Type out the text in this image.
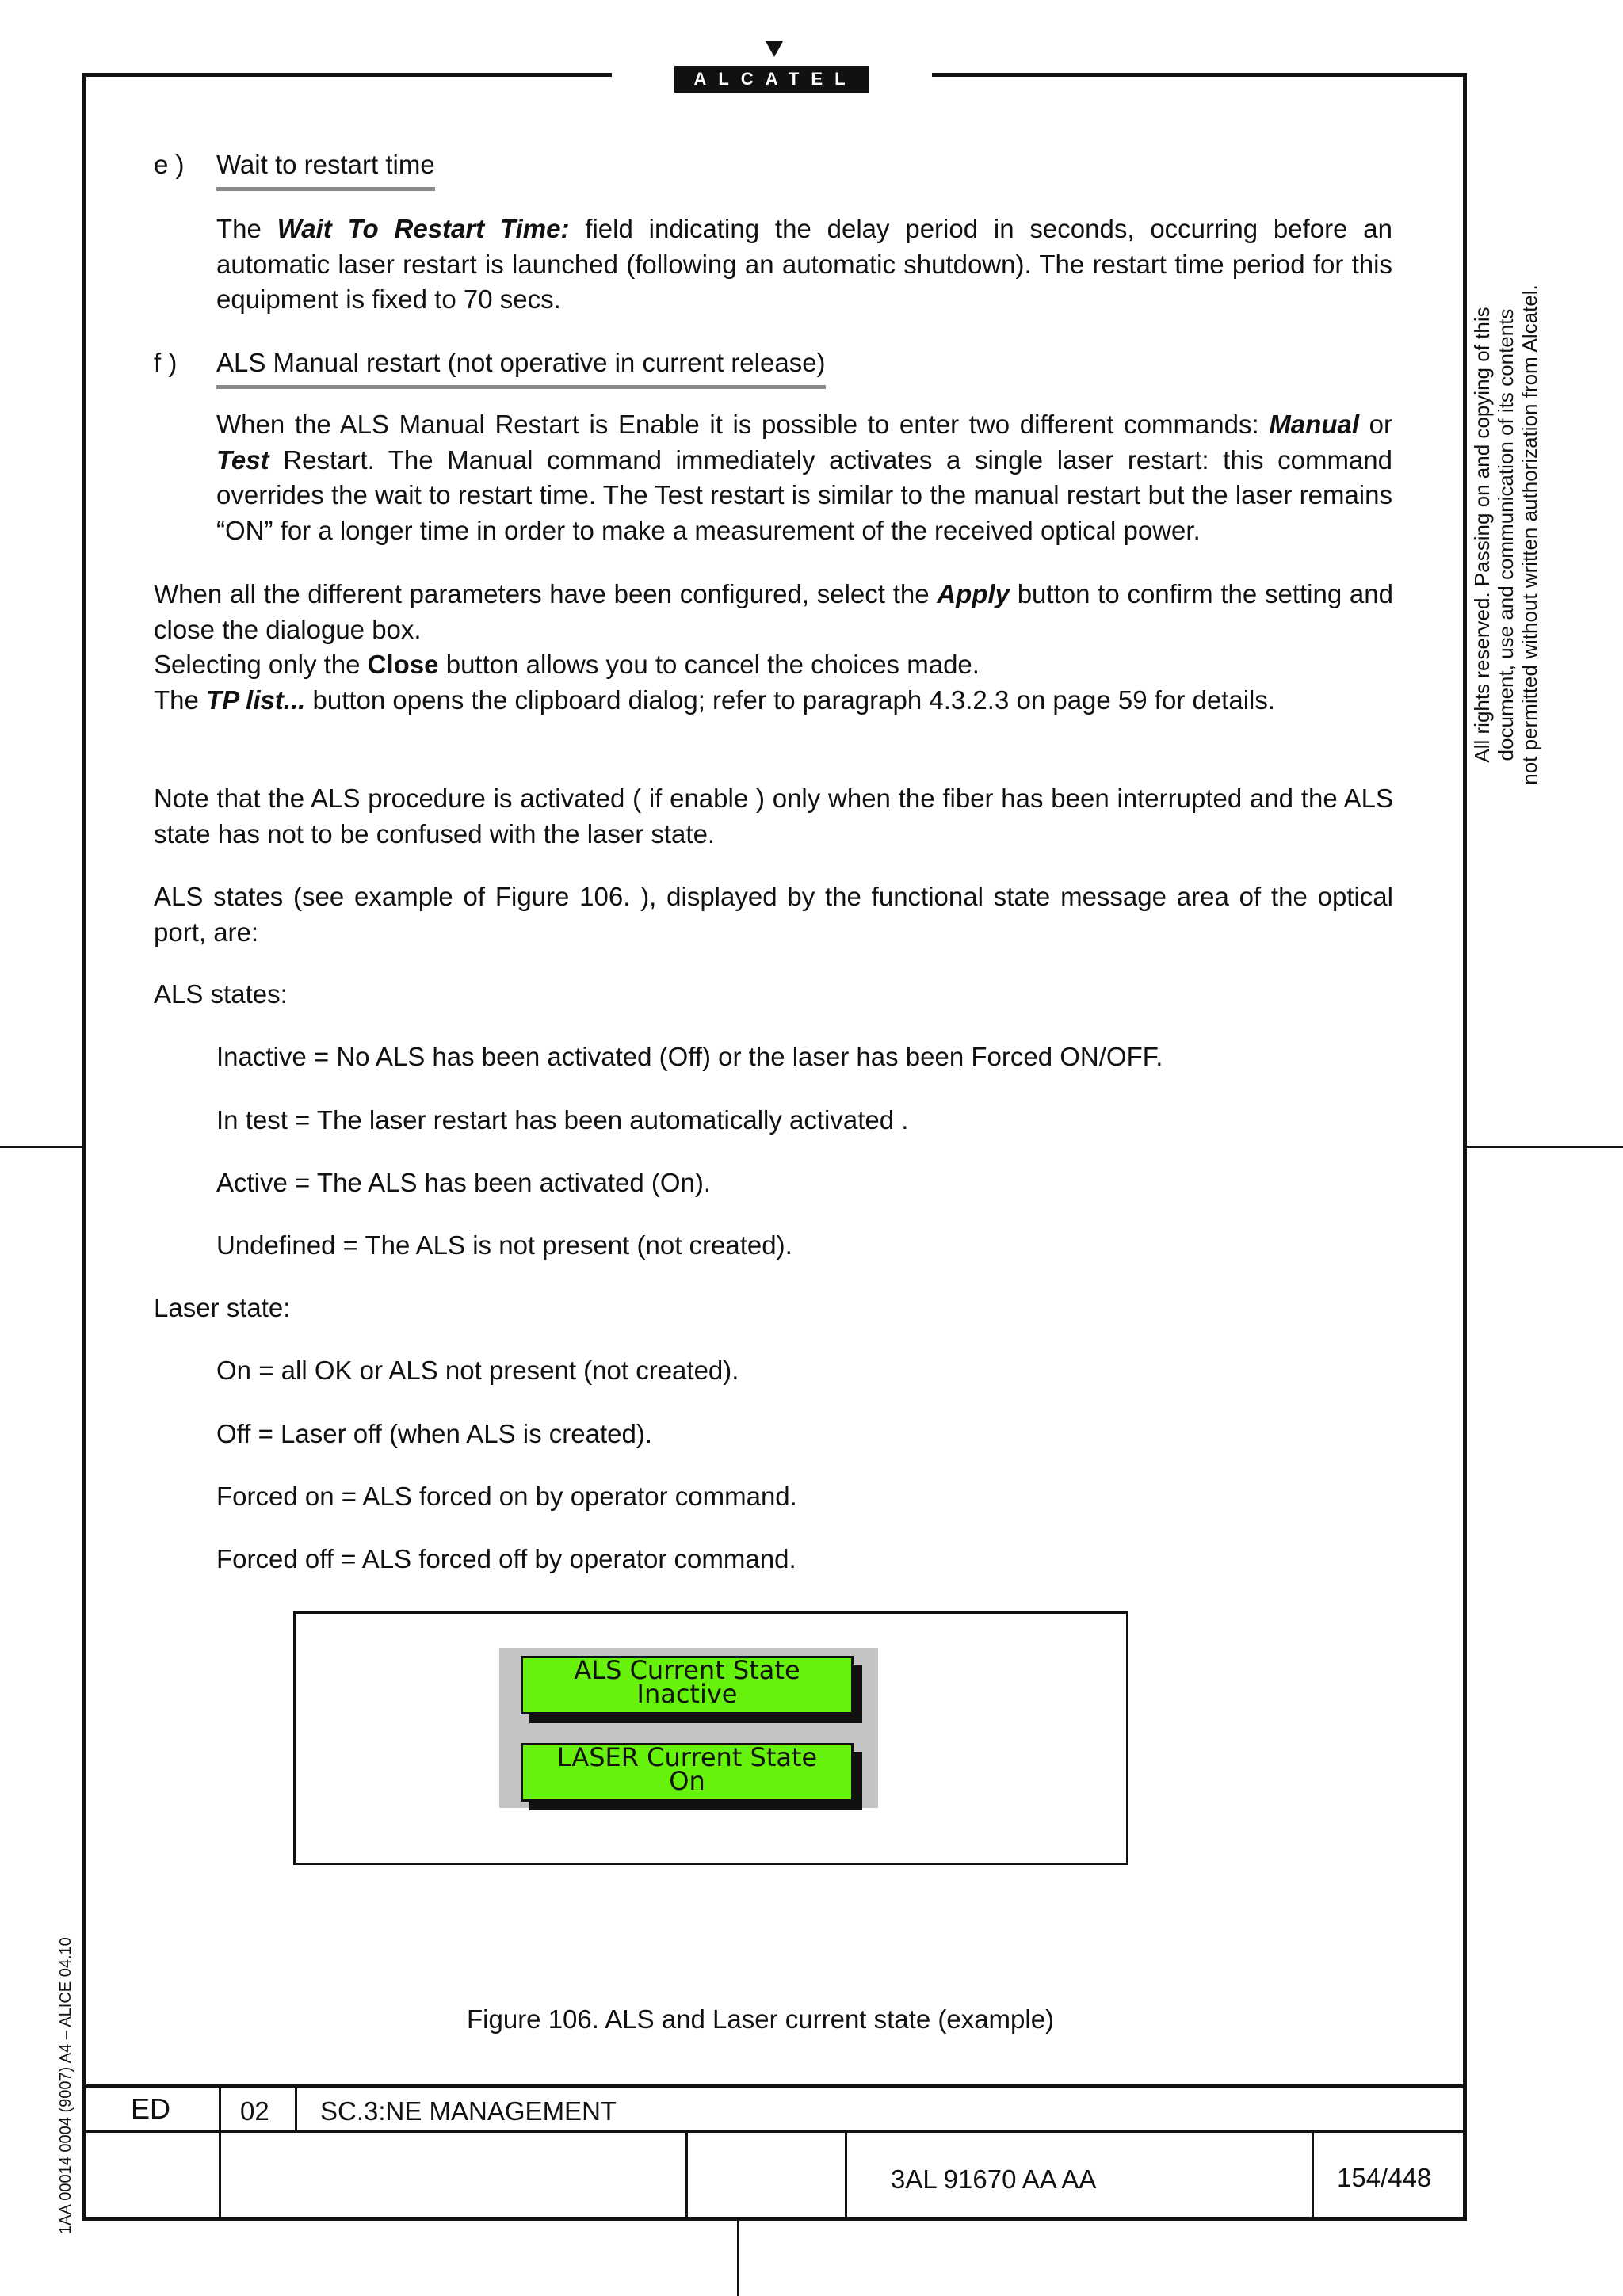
ALCATEL
e ) Wait to restart time
The Wait To Restart Time: field indicating the delay period in seconds, occurring before an automatic laser restart is launched (following an automatic shutdown). The restart time period for this equipment is fixed to 70 secs.
f ) ALS Manual restart (not operative in current release)
When the ALS Manual Restart is Enable it is possible to enter two different commands: Manual or Test Restart. The Manual command immediately activates a single laser restart: this command overrides the wait to restart time. The Test restart is similar to the manual restart but the laser remains “ON” for a longer time in order to make a measurement of the received optical power.
When all the different parameters have been configured, select the Apply button to confirm the setting and close the dialogue box.
Selecting only the Close button allows you to cancel the choices made.
The TP list... button opens the clipboard dialog; refer to paragraph 4.3.2.3 on page 59 for details.
Note that the ALS procedure is activated ( if enable ) only when the fiber has been interrupted and the ALS state has not to be confused with the laser state.
ALS states (see example of Figure 106. ), displayed by the functional state message area of the optical port, are:
ALS states:
Inactive = No ALS has been activated (Off) or the laser has been Forced ON/OFF.
In test = The laser restart has been automatically activated .
Active = The ALS has been activated (On).
Undefined = The ALS is not present (not created).
Laser state:
On = all OK or ALS not present (not created).
Off = Laser off (when ALS is created).
Forced on = ALS forced on by operator command.
Forced off = ALS forced off by operator command.
ALS Current State
Inactive
LASER Current State
On
Figure 106. ALS and Laser current state (example)
All rights reserved. Passing on and copying of this document, use and communication of its contents not permitted without written authorization from Alcatel.
1AA 00014 0004 (9007) A4 – ALICE 04.10 ED	02 SC.3:NE MANAGEMENT
3AL 91670 AA AA	154/448
